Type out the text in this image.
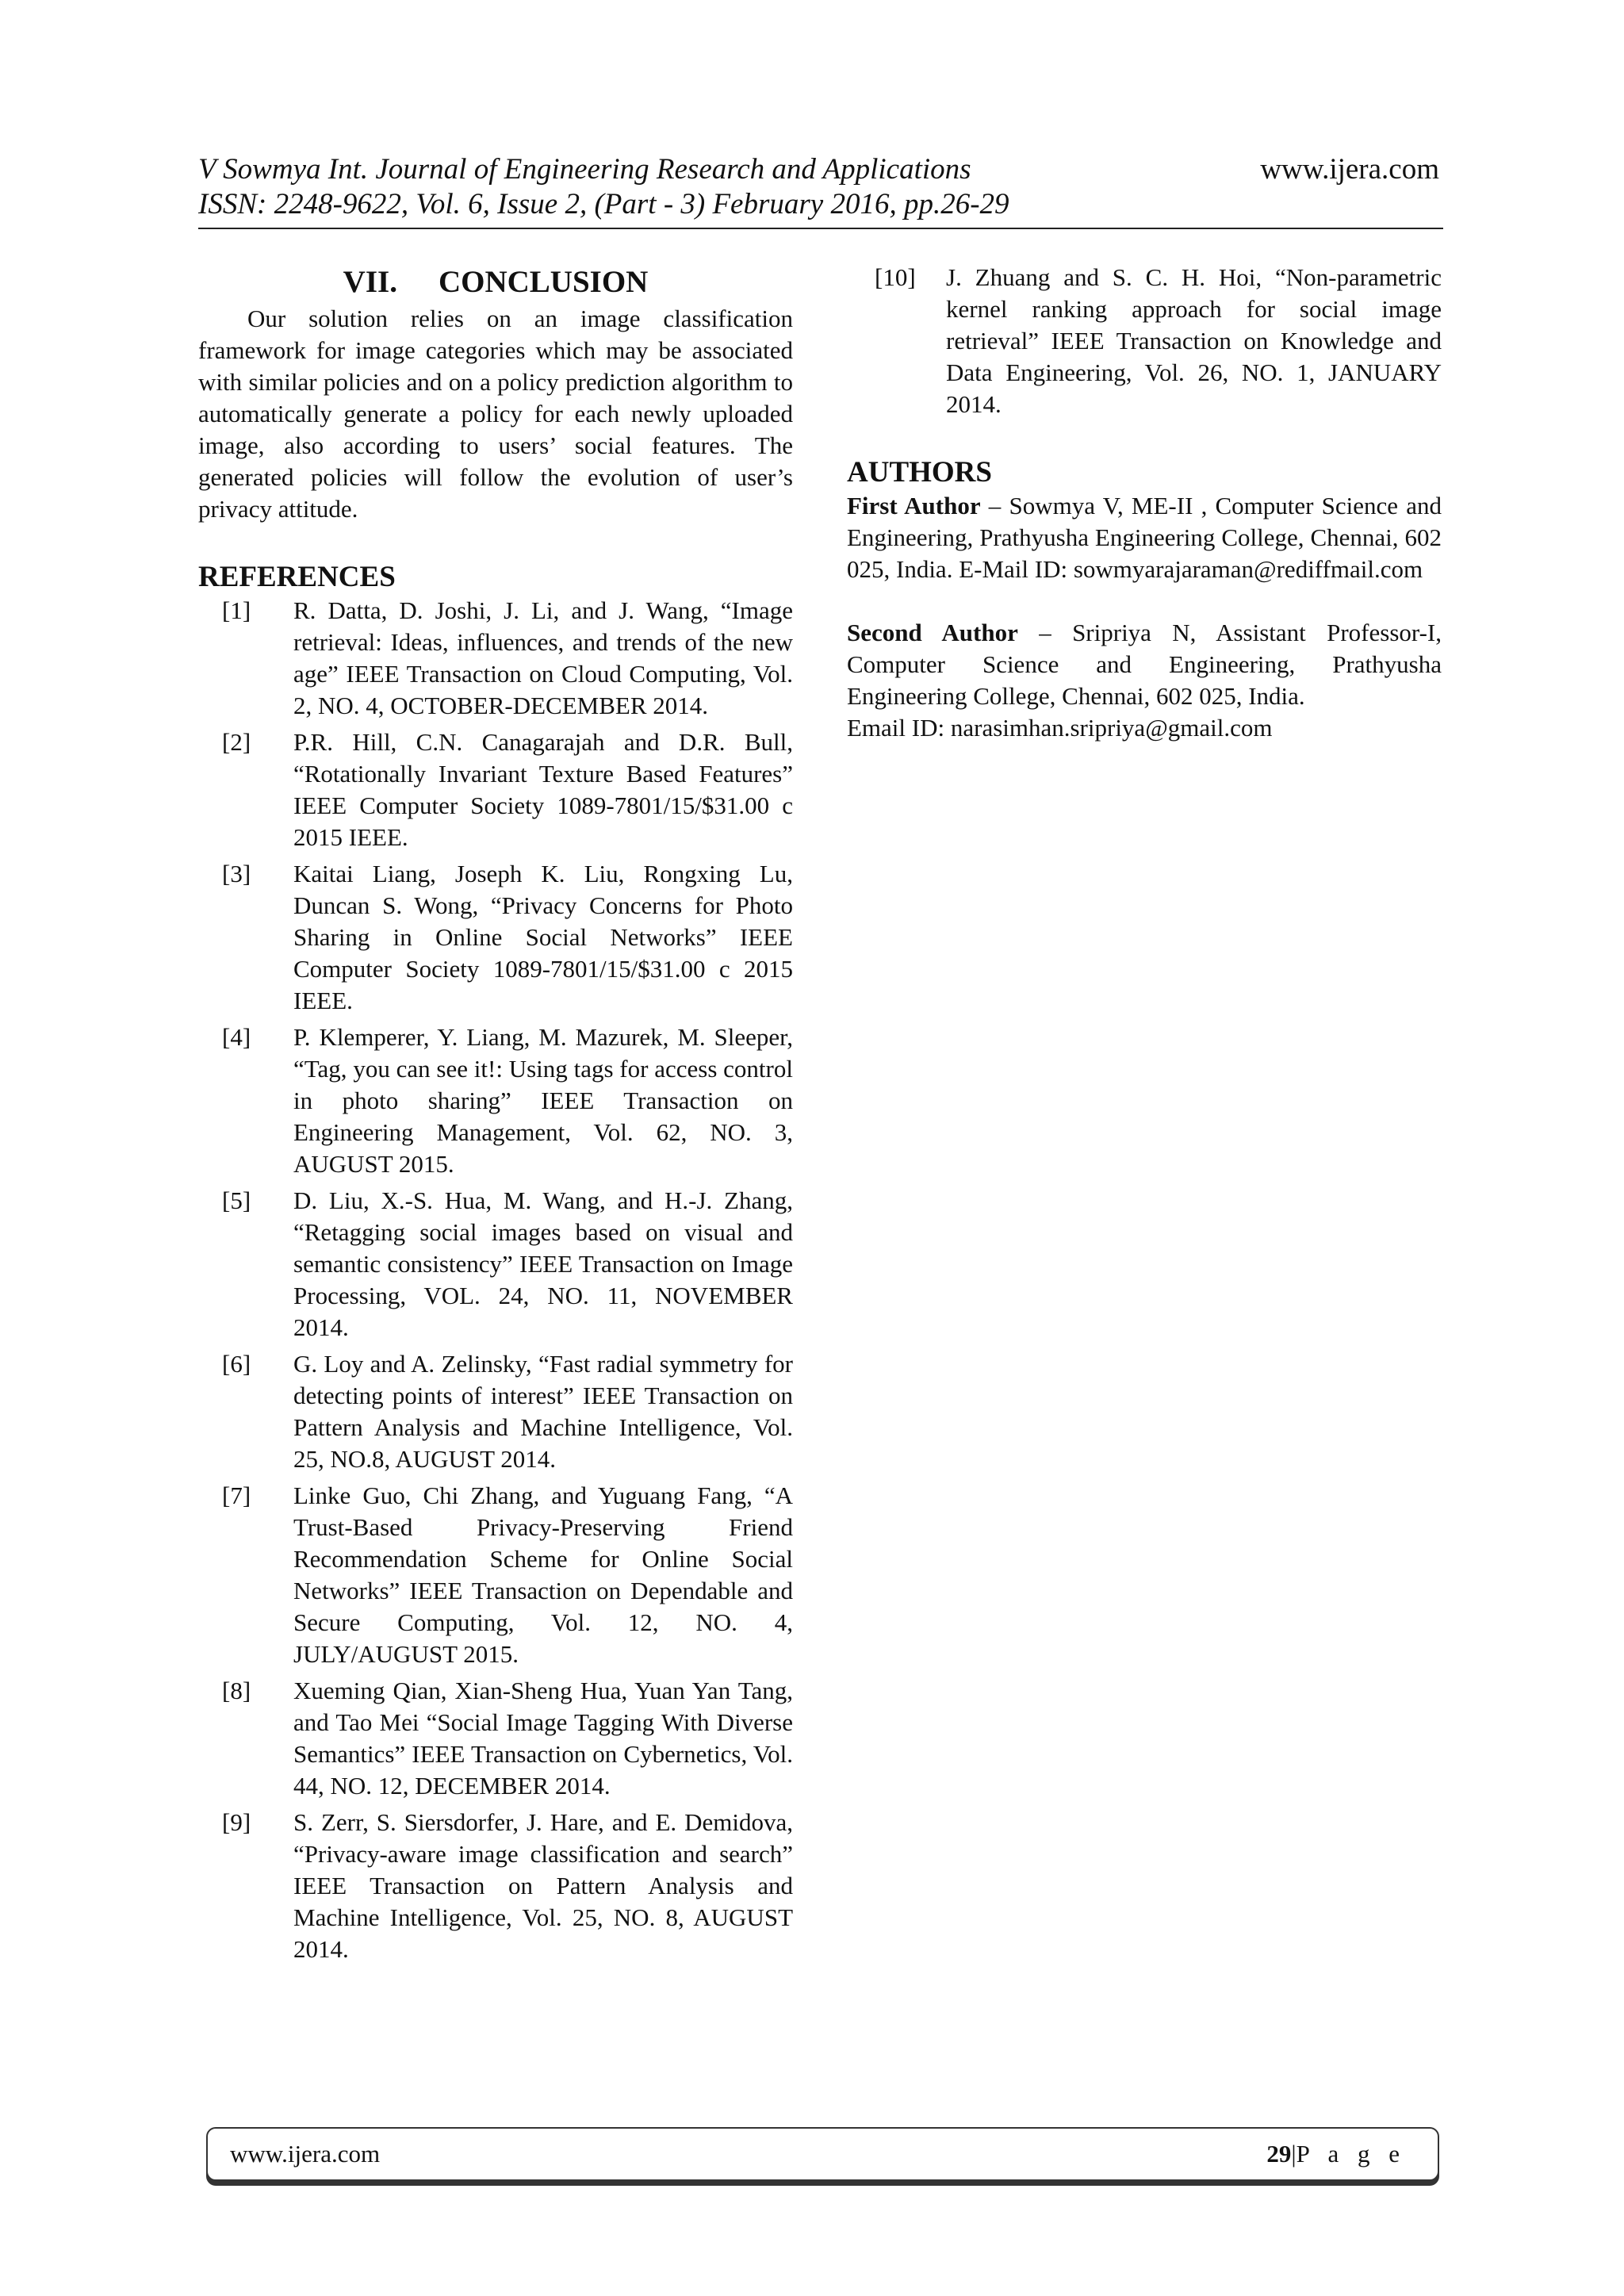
V Sowmya Int. Journal of Engineering Research and Applications	www.ijera.com
ISSN: 2248-9622, Vol. 6, Issue 2, (Part - 3) February 2016, pp.26-29
VII. CONCLUSION

Our solution relies on an image classification framework for image categories which may be associated with similar policies and on a policy prediction algorithm to automatically generate a policy for each newly uploaded image, also according to users’ social features. The generated policies will follow the evolution of user’s privacy attitude.

REFERENCES
[1]	R. Datta, D. Joshi, J. Li, and J. Wang, “Image retrieval: Ideas, influences, and trends of the new age” IEEE Transaction on Cloud Computing, Vol. 2, NO. 4, OCTOBER-DECEMBER 2014.
[2]	P.R. Hill, C.N. Canagarajah and D.R. Bull, “Rotationally Invariant Texture Based Features” IEEE Computer Society 1089-7801/15/$31.00 c 2015 IEEE.
[3]	Kaitai Liang, Joseph K. Liu, Rongxing Lu, Duncan S. Wong, “Privacy Concerns for Photo Sharing in Online Social Networks” IEEE Computer Society 1089-7801/15/$31.00 c 2015 IEEE.
[4]	P. Klemperer, Y. Liang, M. Mazurek, M. Sleeper, “Tag, you can see it!: Using tags for access control in photo sharing” IEEE Transaction on Engineering Management, Vol. 62, NO. 3, AUGUST 2015.
[5]	D. Liu, X.-S. Hua, M. Wang, and H.-J. Zhang, “Retagging social images based on visual and semantic consistency” IEEE Transaction on Image Processing, VOL. 24, NO. 11, NOVEMBER 2014.
[6]	G. Loy and A. Zelinsky, “Fast radial symmetry for detecting points of interest” IEEE Transaction on Pattern Analysis and Machine Intelligence, Vol. 25, NO.8, AUGUST 2014.
[7]	Linke Guo, Chi Zhang, and Yuguang Fang, “A Trust-Based Privacy-Preserving Friend Recommendation Scheme for Online Social Networks” IEEE Transaction on Dependable and Secure Computing, Vol. 12, NO. 4, JULY/AUGUST 2015.
[8]	Xueming Qian, Xian-Sheng Hua, Yuan Yan Tang, and Tao Mei “Social Image Tagging With Diverse Semantics” IEEE Transaction on Cybernetics, Vol. 44, NO. 12, DECEMBER 2014.
[9]	S. Zerr, S. Siersdorfer, J. Hare, and E. Demidova, “Privacy-aware image classification and search” IEEE Transaction on Pattern Analysis and Machine Intelligence, Vol. 25, NO. 8, AUGUST 2014.
[10]	J. Zhuang and S. C. H. Hoi, “Non-parametric kernel ranking approach for social image retrieval” IEEE Transaction on Knowledge and Data Engineering, Vol. 26, NO. 1, JANUARY 2014.
AUTHORS

First Author – Sowmya V, ME-II , Computer Science and Engineering, Prathyusha Engineering College, Chennai, 602 025, India. E-Mail ID: sowmyarajaraman@rediffmail.com

Second Author – Sripriya N, Assistant Professor-I, Computer Science and Engineering, Prathyusha Engineering College, Chennai, 602 025, India.

Email ID: narasimhan.sripriya@gmail.com

www.ijera.com	29|P a g e
